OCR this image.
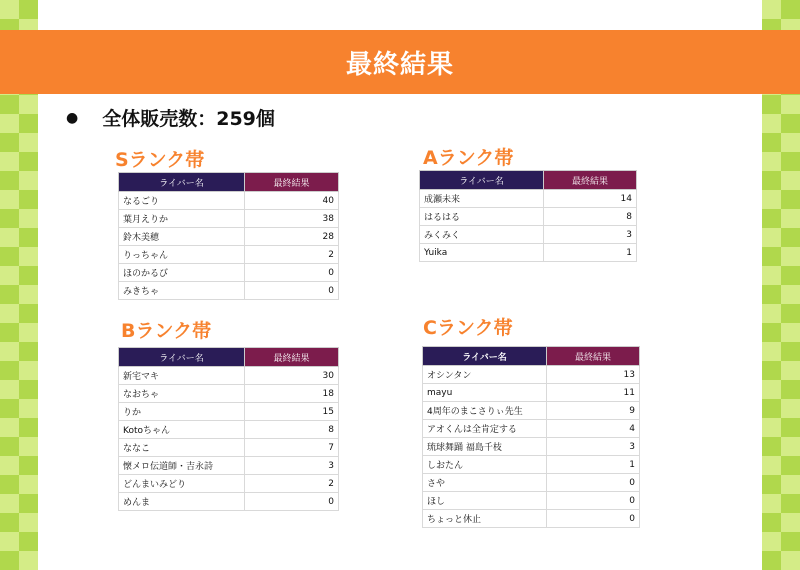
最終結果
● 全体販売数：259個
Sランク帯
ライバー名	最終結果
なるごり	40
葉月えりか	38
鈴木美穂	28
りっちゃん	2
ほのかるび	0
みきちゃ	0
Aランク帯
ライバー名	最終結果
成瀬未来	14
はるはる	8
みくみく	3
Yuika	1
Bランク帯
ライバー名	最終結果
新宅マキ	30
なおちゃ	18
りか	15
Kotoちゃん	8
ななこ	7
懐メロ伝道師・吉永詩	3
どんまいみどり	2
めんま	0
Cランク帯
ライバー名	最終結果
オシンタン	13
mayu	11
4周年のまこさりぃ先生	9
アオくんは全肯定する	4
琉球舞踊 福島千枝	3
しおたん	1
さや	0
ほし	0
ちょっと休止	0
